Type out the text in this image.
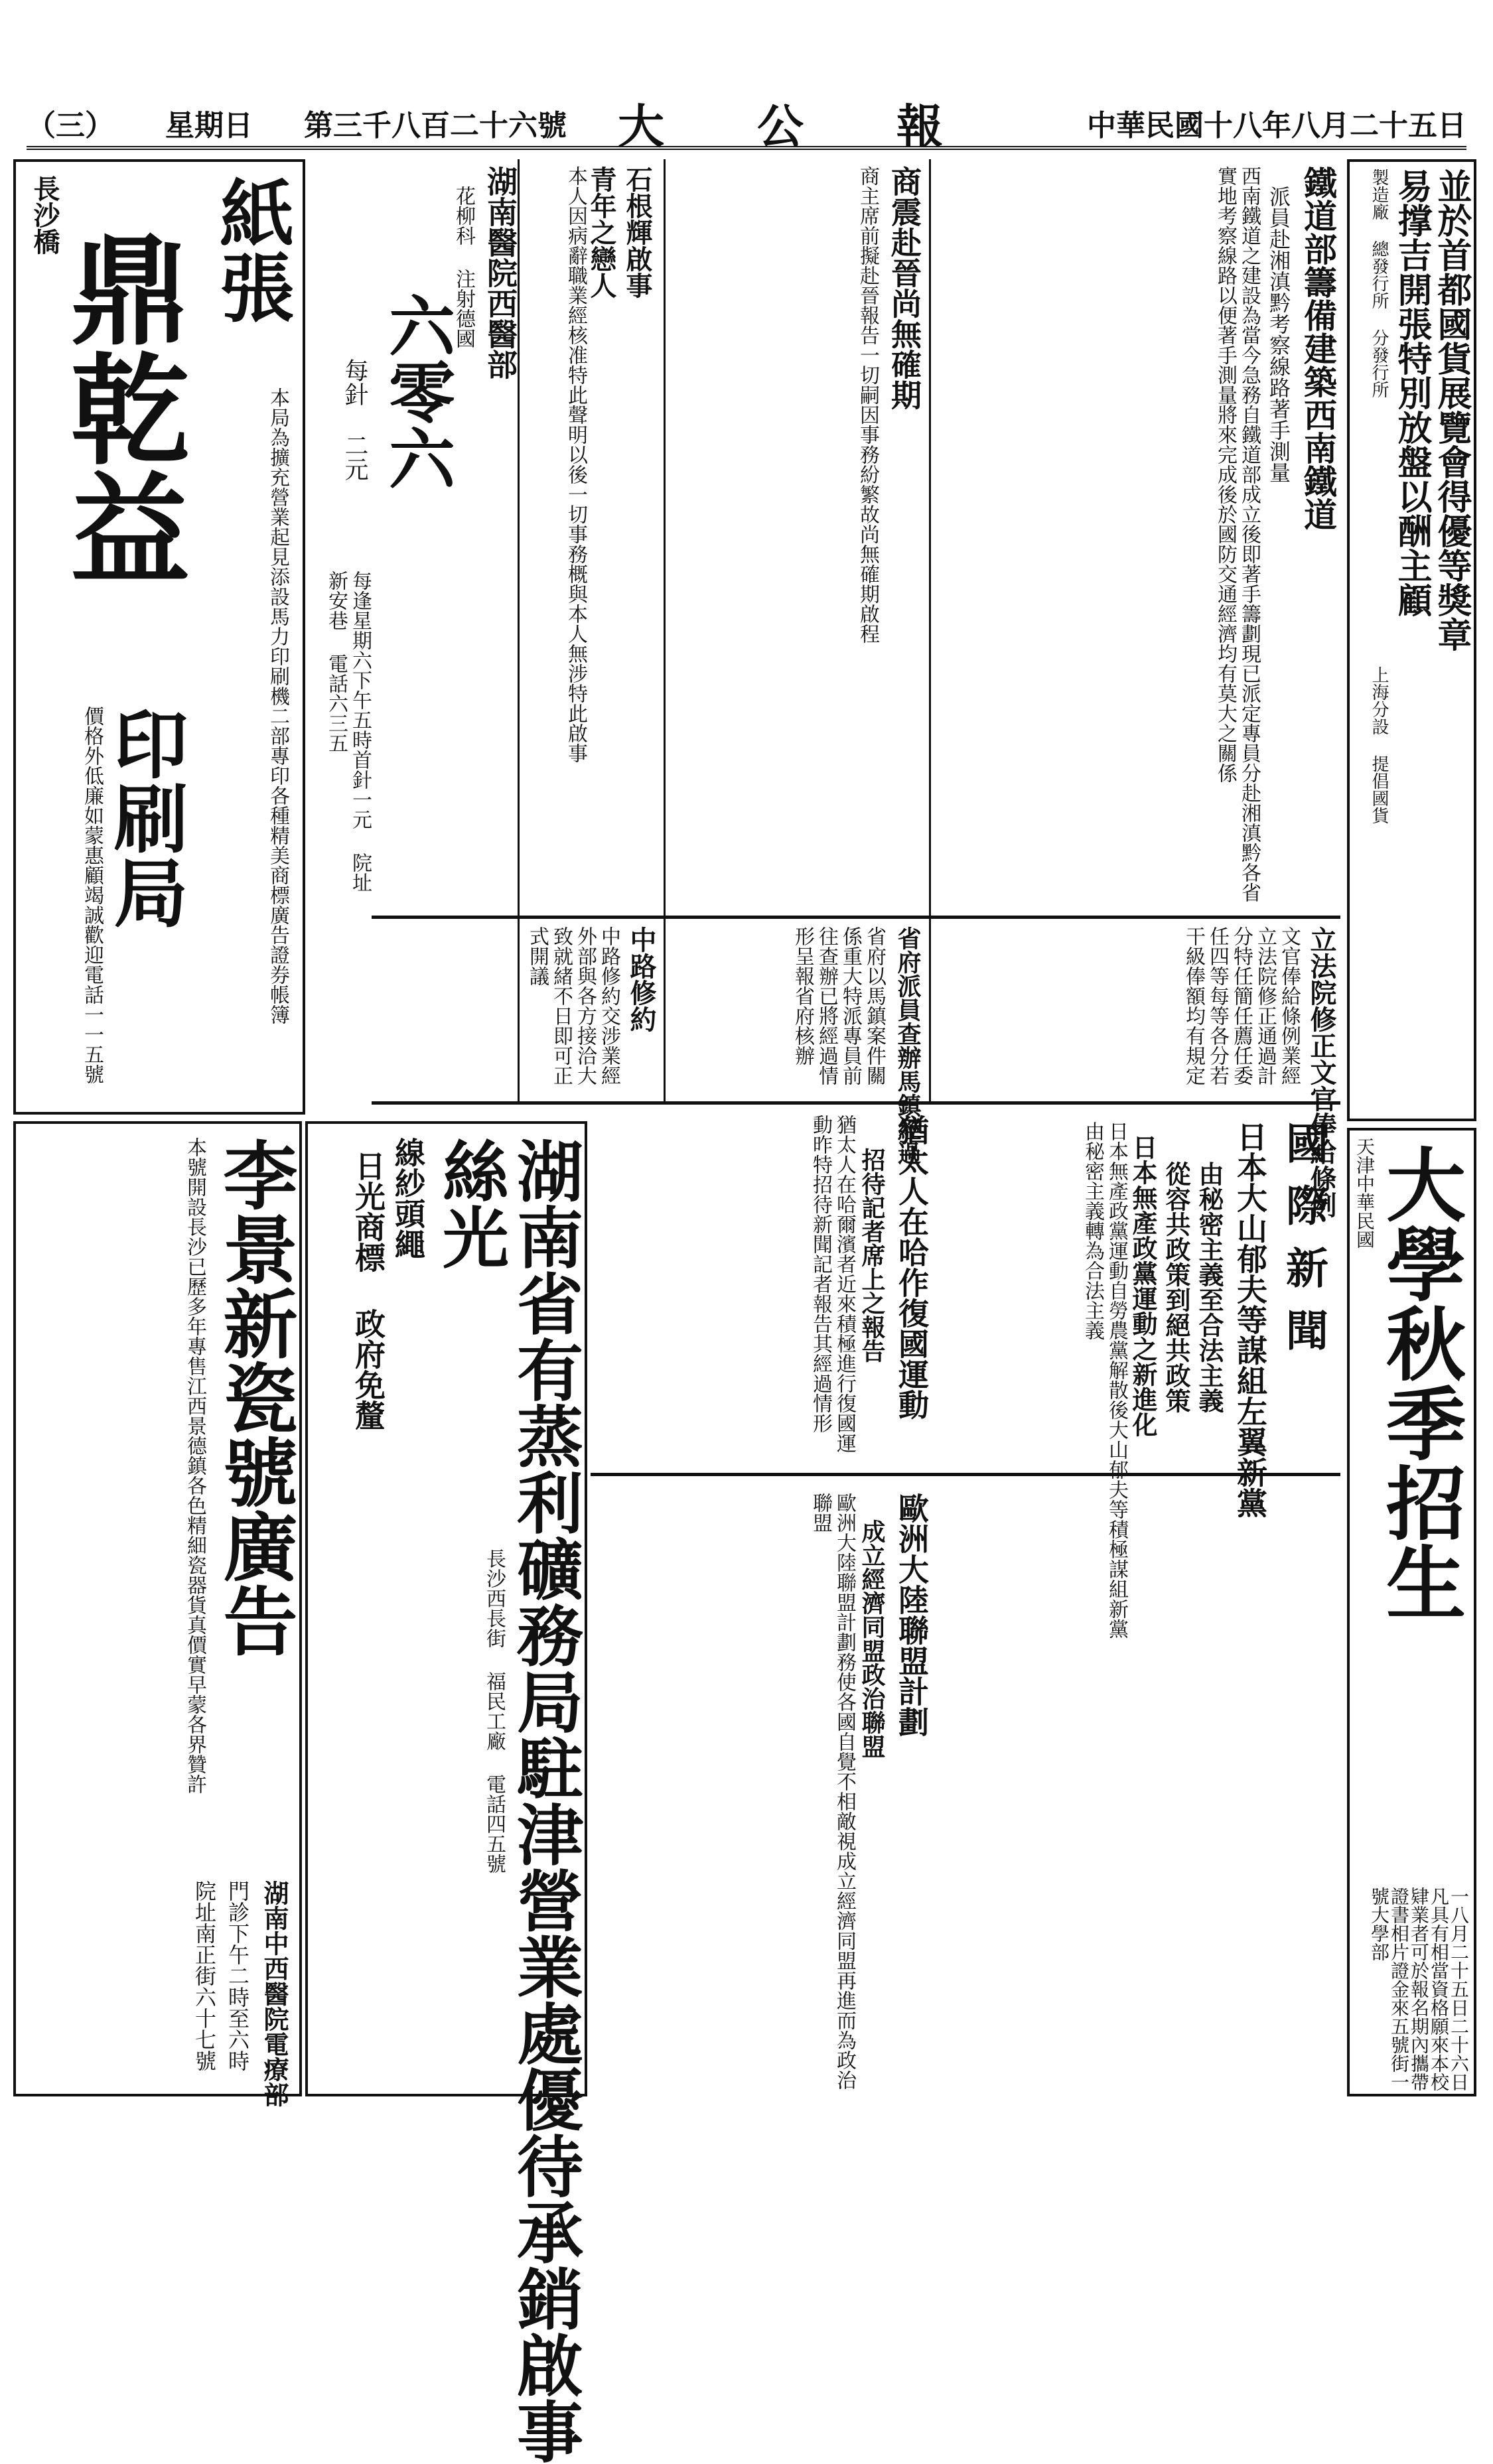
中華民國十八年八月二十五日
大公報
第三千八百二十六號
星期日
（三）
並於首都國貨展覽會得優等獎章
易撑吉開張特別放盤以酬主顧
製造廠 總發行所 分發行所
上海分設 提倡國貨
天津中華民國
大學秋季招生
一八月二十五日二十六日凡具有相當資格願來本校肄業者可於報名期內攜帶證書相片證金來五號街一號大學部
鐵道部籌備建築西南鐵道
派員赴湘滇黔考察線路著手測量
西南鐵道之建設為當今急務自鐵道部成立後即著手籌劃現已派定專員分赴湘滇黔各省實地考察線路以便著手測量將來完成後於國防交通經濟均有莫大之關係
湖南醫院西醫部
花柳科 注射德國
六零六
每針 二元
每逢星期六下午五時首針一元 院址新安巷 電話六三五
石根輝啟事
青年之戀人
本人因病辭職業經核准特此聲明以後一切事務概與本人無涉特此啟事	商震赴晉尚無確期
商主席前擬赴晉報告一切嗣因事務紛繁故尚無確期啟程
立法院修正文官俸給條例
文官俸給條例業經立法院修正通過計分特任簡任薦任委任四等每等各分若干級俸額均有規定
省府派員查辦馬鎮經過
省府以馬鎮案件關係重大特派專員前往查辦已將經過情形呈報省府核辦
中路修約
中路修約交涉業經外部與各方接洽大致就緒不日即可正式開議
國際新聞
日本大山郁夫等謀組左翼新黨
由秘密主義至合法主義
從容共政策到絕共政策
日本無產政黨運動之新進化
日本無產政黨運動自勞農黨解散後大山郁夫等積極謀組新黨由秘密主義轉為合法主義
猶太人在哈作復國運動
招待記者席上之報告
猶太人在哈爾濱者近來積極進行復國運動昨特招待新聞記者報告其經過情形
歐洲大陸聯盟計劃
成立經濟同盟政治聯盟
歐洲大陸聯盟計劃務使各國自覺不相敵視成立經濟同盟再進而為政治聯盟
長沙橋
鼎乾益 紙張
印刷局	本局為擴充營業起見添設馬力印刷機二部專印各種精美商標廣告證券帳簿
價格外低廉如蒙惠顧竭誠歡迎電話一一五號
湖南省有蒸利礦務局駐津營業處優待承銷啟事
絲光
線紗頭繩
日光商標 政府免釐
長沙西長街 福民工廠 電話四五號
李景新瓷號廣告
本號開設長沙已歷多年專售江西景德鎮各色精細瓷器貨真價實早蒙各界贊許
湖南中西醫院電療部
門診下午二時至六時
院址南正街六十七號
